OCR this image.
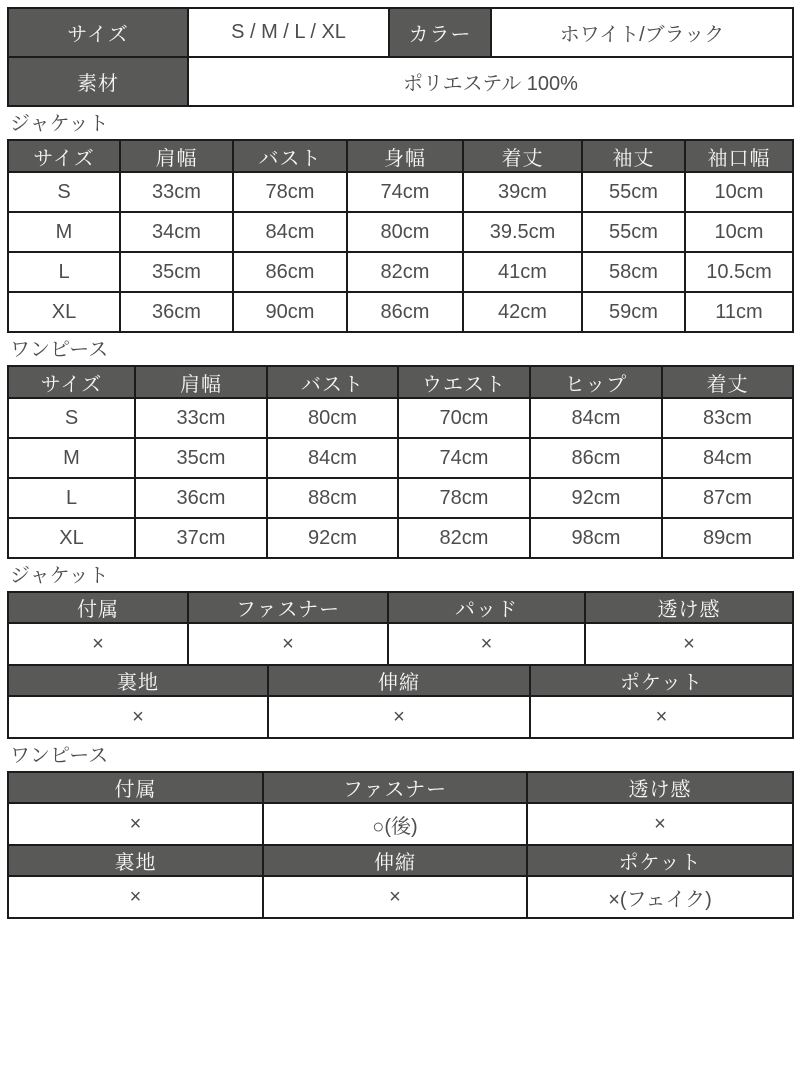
サイズ	S / M / L / XL	カラー	ホワイト/ブラック
素材	ポリエステル 100%		
ジャケット
サイズ	肩幅	バスト	身幅	着丈	袖丈	袖口幅
S	33cm	78cm	74cm	39cm	55cm	10cm
M	34cm	84cm	80cm	39.5cm	55cm	10cm
L	35cm	86cm	82cm	41cm	58cm	10.5cm
XL	36cm	90cm	86cm	42cm	59cm	11cm
ワンピース
サイズ	肩幅	バスト	ウエスト	ヒップ	着丈
S	33cm	80cm	70cm	84cm	83cm
M	35cm	84cm	74cm	86cm	84cm
L	36cm	88cm	78cm	92cm	87cm
XL	37cm	92cm	82cm	98cm	89cm
ジャケット
付属	ファスナー	パッド	透け感
×	×	×	×
裏地	伸縮	ポケット
×	×	×
ワンピース
付属	ファスナー	透け感
×	○(後)	×
裏地	伸縮	ポケット
×	×	×(フェイク)
